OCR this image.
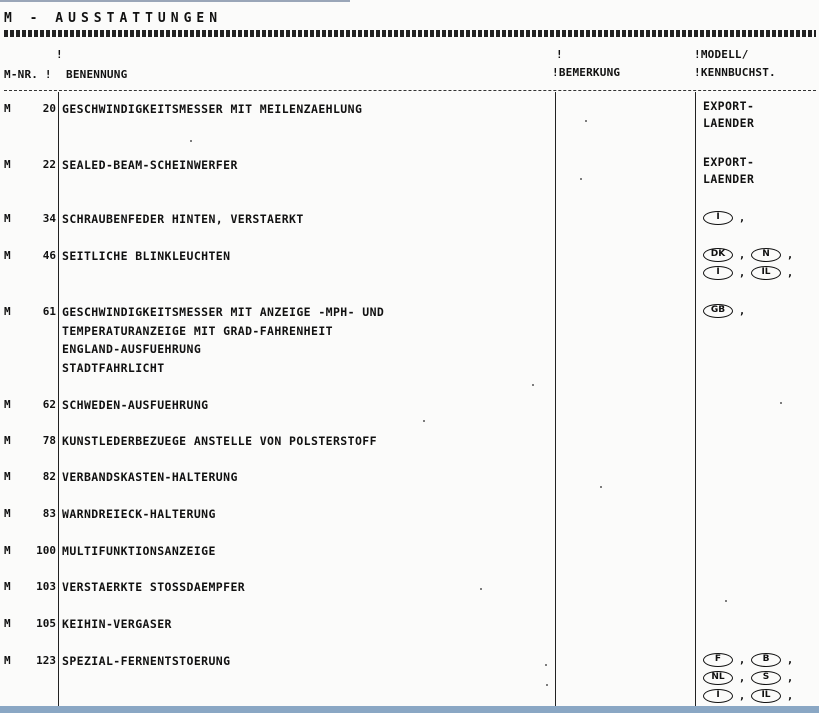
M - AUSSTATTUNGEN
!
M-NR. ! BENENNUNG
!
!BEMERKUNG
!MODELL/
!KENNBUCHST.
M	20 GESCHWINDIGKEITSMESSER MIT MEILENZAEHLUNG	EXPORT-
LAENDER
M	22 SEALED-BEAM-SCHEINWERFER	EXPORT-
LAENDER
M	34 SCHRAUBENFEDER HINTEN, VERSTAERKT	I	,
M	46 SEITLICHE BLINKLEUCHTEN	DK	,	N	,
I	,	IL	,
M	61 GESCHWINDIGKEITSMESSER MIT ANZEIGE -MPH- UND
TEMPERATURANZEIGE MIT GRAD-FAHRENHEIT
ENGLAND-AUSFUEHRUNG
STADTFAHRLICHT
GB	,
M	62 SCHWEDEN-AUSFUEHRUNG
M	78 KUNSTLEDERBEZUEGE ANSTELLE VON POLSTERSTOFF
M	82 VERBANDSKASTEN-HALTERUNG
M	83 WARNDREIECK-HALTERUNG
M 100 MULTIFUNKTIONSANZEIGE
M 103 VERSTAERKTE STOSSDAEMPFER
M 105 KEIHIN-VERGASER
M 123 SPEZIAL-FERNENTSTOERUNG	F	,	B	,
NL	,	S	,
I	,	IL	,
